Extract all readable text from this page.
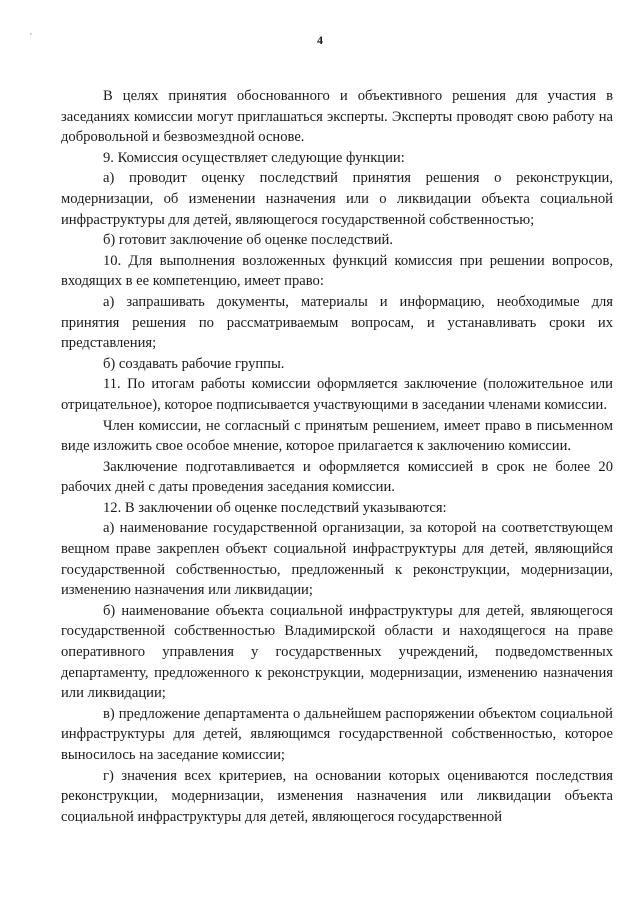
'	4

В целях принятия обоснованного и объективного решения для участия в заседаниях комиссии могут приглашаться эксперты. Эксперты проводят свою работу на добровольной и безвозмездной основе.

9. Комиссия осуществляет следующие функции:

а) проводит оценку последствий принятия решения о реконструкции, модернизации, об изменении назначения или о ликвидации объекта социальной инфраструктуры для детей, являющегося государственной собственностью;

б) готовит заключение об оценке последствий.

10. Для выполнения возложенных функций комиссия при решении вопросов, входящих в ее компетенцию, имеет право:

а) запрашивать документы, материалы и информацию, необходимые для принятия решения по рассматриваемым вопросам, и устанавливать сроки их представления;

б) создавать рабочие группы.

11. По итогам работы комиссии оформляется заключение (положительное или отрицательное), которое подписывается участвующими в заседании членами комиссии.

Член комиссии, не согласный с принятым решением, имеет право в письменном виде изложить свое особое мнение, которое прилагается к заключению комиссии.

Заключение подготавливается и оформляется комиссией в срок не более 20 рабочих дней с даты проведения заседания комиссии.

12. В заключении об оценке последствий указываются:

а) наименование государственной организации, за которой на соответствующем вещном праве закреплен объект социальной инфраструктуры для детей, являющийся государственной собственностью, предложенный к реконструкции, модернизации, изменению назначения или ликвидации;

б) наименование объекта социальной инфраструктуры для детей, являющегося государственной собственностью Владимирской области и находящегося на праве оперативного управления у государственных учреждений, подведомственных департаменту, предложенного к реконструкции, модернизации, изменению назначения или ликвидации;

в) предложение департамента о дальнейшем распоряжении объектом социальной инфраструктуры для детей, являющимся государственной собственностью, которое выносилось на заседание комиссии;

г) значения всех критериев, на основании которых оцениваются последствия реконструкции, модернизации, изменения назначения или ликвидации объекта социальной инфраструктуры для детей, являющегося государственной
